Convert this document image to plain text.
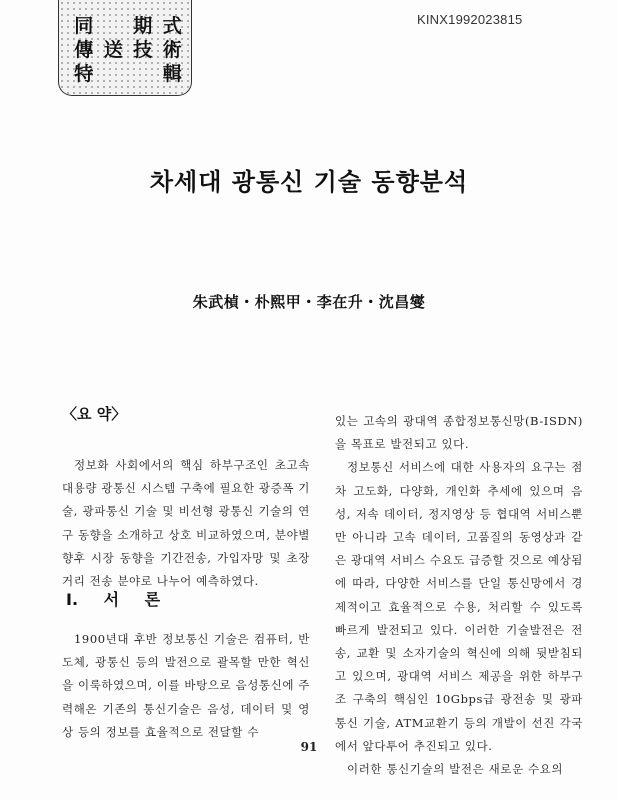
同 期 式
傳 送 技 術
特	輯
KINX1992023815
차세대 광통신 기술 동향분석
朱武楨・朴熙甲・李在升・沈昌燮
〈요 약〉

정보화 사회에서의 핵심 하부구조인 초고속 대용량 광통신 시스템 구축에 필요한 광증폭 기술, 광파통신 기술 및 비선형 광통신 기술의 연구 동향을 소개하고 상호 비교하였으며, 분야별 향후 시장 동향을 기간전송, 가입자망 및 초장거리 전송 분야로 나누어 예측하였다.

I. 서 론

1900년대 후반 정보통신 기술은 컴퓨터, 반도체, 광통신 등의 발전으로 괄목할 만한 혁신을 이룩하였으며, 이를 바탕으로 음성통신에 주력해온 기존의 통신기술은 음성, 데이터 및 영상 등의 정보를 효율적으로 전달할 수

있는 고속의 광대역 종합정보통신망(B-ISDN)을 목표로 발전되고 있다.

정보통신 서비스에 대한 사용자의 요구는 점차 고도화, 다양화, 개인화 추세에 있으며 음성, 저속 데이터, 정지영상 등 협대역 서비스뿐만 아니라 고속 데이터, 고품질의 동영상과 같은 광대역 서비스 수요도 급증할 것으로 예상됨에 따라, 다양한 서비스를 단일 통신망에서 경제적이고 효율적으로 수용, 처리할 수 있도록 빠르게 발전되고 있다. 이러한 기술발전은 전송, 교환 및 소자기술의 혁신에 의해 뒷받침되고 있으며, 광대역 서비스 제공을 위한 하부구조 구축의 핵심인 10Gbps급 광전송 및 광파통신 기술, ATM교환기 등의 개발이 선진 각국에서 앞다투어 추진되고 있다.

이러한 통신기술의 발전은 새로운 수요의

91
